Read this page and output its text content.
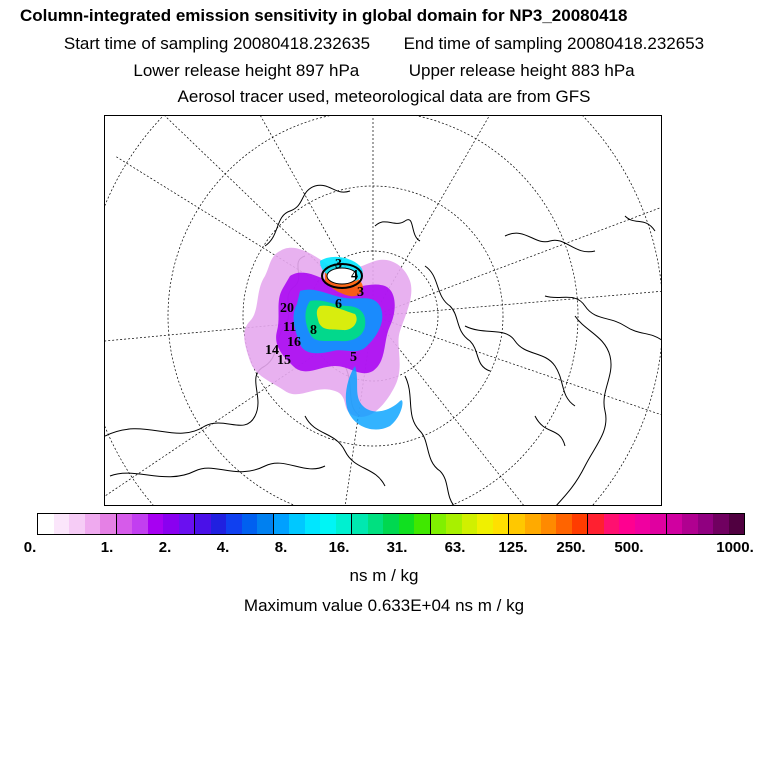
Column-integrated emission sensitivity in global domain for NP3_20080418
Start time of sampling 20080418.232635 End time of sampling 20080418.232653
Lower release height 897 hPa	Upper release height 883 hPa
Aerosol tracer used, meteorological data are from GFS
4
3
3
6
20
11 8
16
14
15	5
0.	1.	2.	4.	8.	16. 31. 63. 125. 250. 500.	1000.
ns m / kg
Maximum value 0.633E+04 ns m / kg
